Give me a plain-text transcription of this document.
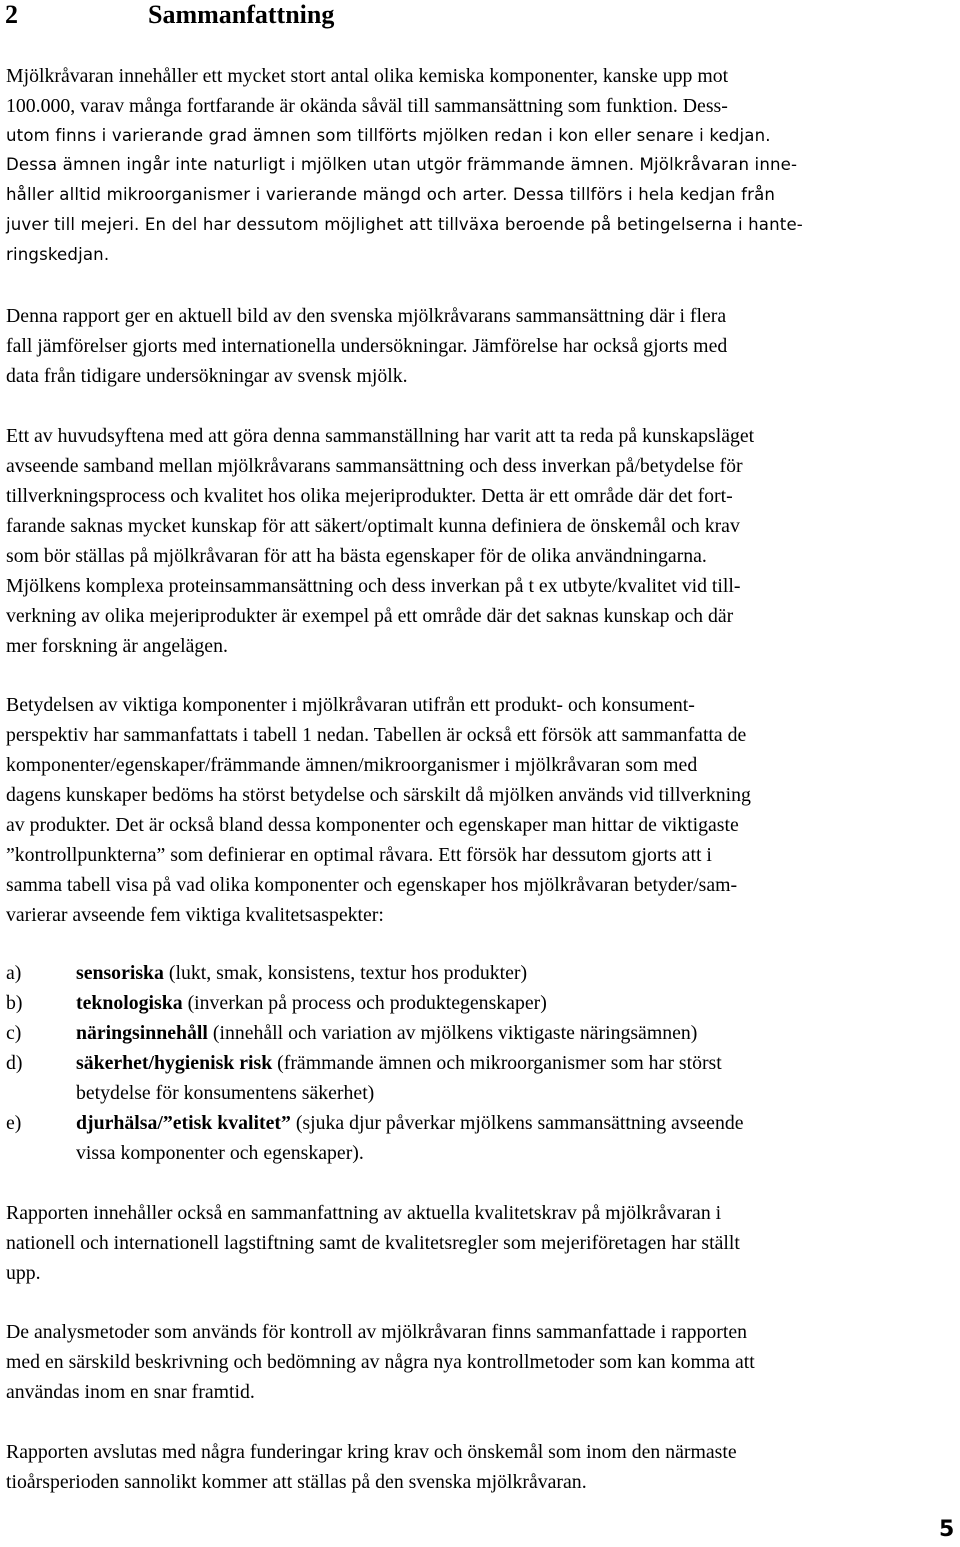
2	Sammanfattning
Mjölkråvaran innehåller ett mycket stort antal olika kemiska komponenter, kanske upp mot
100.000, varav många fortfarande är okända såväl till sammansättning som funktion. Dess-
utom finns i varierande grad ämnen som tillförts mjölken redan i kon eller senare i kedjan.
Dessa ämnen ingår inte naturligt i mjölken utan utgör främmande ämnen. Mjölkråvaran inne-
håller alltid mikroorganismer i varierande mängd och arter. Dessa tillförs i hela kedjan från
juver till mejeri. En del har dessutom möjlighet att tillväxa beroende på betingelserna i hante-
ringskedjan.
Denna rapport ger en aktuell bild av den svenska mjölkråvarans sammansättning där i flera
fall jämförelser gjorts med internationella undersökningar. Jämförelse har också gjorts med
data från tidigare undersökningar av svensk mjölk.
Ett av huvudsyftena med att göra denna sammanställning har varit att ta reda på kunskapsläget
avseende samband mellan mjölkråvarans sammansättning och dess inverkan på/betydelse för
tillverkningsprocess och kvalitet hos olika mejeriprodukter. Detta är ett område där det fort-
farande saknas mycket kunskap för att säkert/optimalt kunna definiera de önskemål och krav
som bör ställas på mjölkråvaran för att ha bästa egenskaper för de olika användningarna.
Mjölkens komplexa proteinsammansättning och dess inverkan på t ex utbyte/kvalitet vid till-
verkning av olika mejeriprodukter är exempel på ett område där det saknas kunskap och där
mer forskning är angelägen.
Betydelsen av viktiga komponenter i mjölkråvaran utifrån ett produkt- och konsument-
perspektiv har sammanfattats i tabell 1 nedan. Tabellen är också ett försök att sammanfatta de
komponenter/egenskaper/främmande ämnen/mikroorganismer i mjölkråvaran som med
dagens kunskaper bedöms ha störst betydelse och särskilt då mjölken används vid tillverkning
av produkter. Det är också bland dessa komponenter och egenskaper man hittar de viktigaste
”kontrollpunkterna” som definierar en optimal råvara. Ett försök har dessutom gjorts att i
samma tabell visa på vad olika komponenter och egenskaper hos mjölkråvaran betyder/sam-
varierar avseende fem viktiga kvalitetsaspekter:
a)	sensoriska (lukt, smak, konsistens, textur hos produkter)
b)	teknologiska (inverkan på process och produktegenskaper)
c)	näringsinnehåll (innehåll och variation av mjölkens viktigaste näringsämnen)
d)	säkerhet/hygienisk risk (främmande ämnen och mikroorganismer som har störst
betydelse för konsumentens säkerhet)
e)	djurhälsa/”etisk kvalitet” (sjuka djur påverkar mjölkens sammansättning avseende
vissa komponenter och egenskaper).
Rapporten innehåller också en sammanfattning av aktuella kvalitetskrav på mjölkråvaran i
nationell och internationell lagstiftning samt de kvalitetsregler som mejeriföretagen har ställt
upp.
De analysmetoder som används för kontroll av mjölkråvaran finns sammanfattade i rapporten
med en särskild beskrivning och bedömning av några nya kontrollmetoder som kan komma att
användas inom en snar framtid.
Rapporten avslutas med några funderingar kring krav och önskemål som inom den närmaste
tioårsperioden sannolikt kommer att ställas på den svenska mjölkråvaran.
5
